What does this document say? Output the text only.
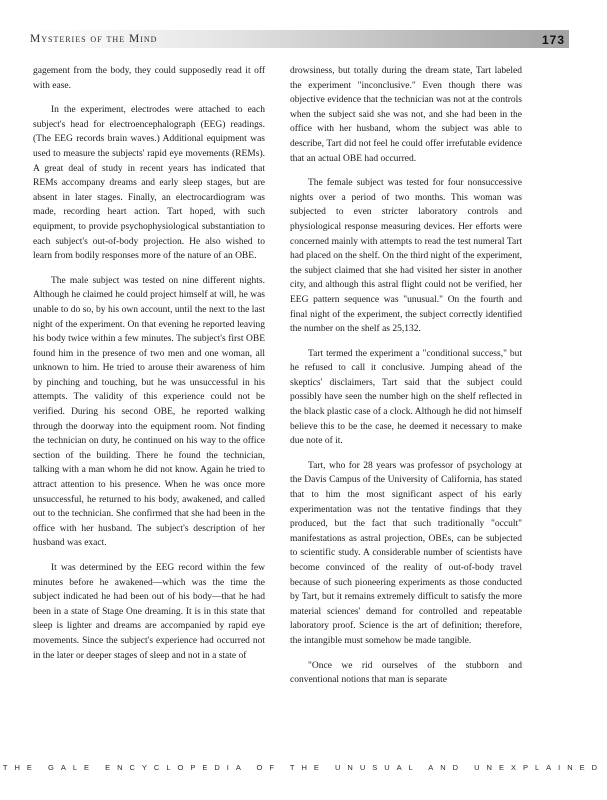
Mysteries of the Mind	173

gagement from the body, they could supposedly read it off with ease.

In the experiment, electrodes were attached to each subject's head for electroencephalograph (EEG) readings. (The EEG records brain waves.) Additional equipment was used to measure the subjects' rapid eye movements (REMs). A great deal of study in recent years has indicated that REMs accompany dreams and early sleep stages, but are absent in later stages. Finally, an electrocardiogram was made, recording heart action. Tart hoped, with such equipment, to provide psychophysiological substantiation to each subject's out-of-body projection. He also wished to learn from bodily responses more of the nature of an OBE.

The male subject was tested on nine different nights. Although he claimed he could project himself at will, he was unable to do so, by his own account, until the next to the last night of the experiment. On that evening he reported leaving his body twice within a few minutes. The subject's first OBE found him in the presence of two men and one woman, all unknown to him. He tried to arouse their awareness of him by pinching and touching, but he was unsuccessful in his attempts. The validity of this experience could not be verified. During his second OBE, he reported walking through the doorway into the equipment room. Not finding the technician on duty, he continued on his way to the office section of the building. There he found the technician, talking with a man whom he did not know. Again he tried to attract attention to his presence. When he was once more unsuccessful, he returned to his body, awakened, and called out to the technician. She confirmed that she had been in the office with her husband. The subject's description of her husband was exact.

It was determined by the EEG record within the few minutes before he awakened—which was the time the subject indicated he had been out of his body—that he had been in a state of Stage One dreaming. It is in this state that sleep is lighter and dreams are accompanied by rapid eye movements. Since the subject's experience had occurred not in the later or deeper stages of sleep and not in a state of

drowsiness, but totally during the dream state, Tart labeled the experiment "inconclusive." Even though there was objective evidence that the technician was not at the controls when the subject said she was not, and she had been in the office with her husband, whom the subject was able to describe, Tart did not feel he could offer irrefutable evidence that an actual OBE had occurred.

The female subject was tested for four nonsuccessive nights over a period of two months. This woman was subjected to even stricter laboratory controls and physiological response measuring devices. Her efforts were concerned mainly with attempts to read the test numeral Tart had placed on the shelf. On the third night of the experiment, the subject claimed that she had visited her sister in another city, and although this astral flight could not be verified, her EEG pattern sequence was "unusual." On the fourth and final night of the experiment, the subject correctly identified the number on the shelf as 25,132.

Tart termed the experiment a "conditional success," but he refused to call it conclusive. Jumping ahead of the skeptics' disclaimers, Tart said that the subject could possibly have seen the number high on the shelf reflected in the black plastic case of a clock. Although he did not himself believe this to be the case, he deemed it necessary to make due note of it.

Tart, who for 28 years was professor of psychology at the Davis Campus of the University of California, has stated that to him the most significant aspect of his early experimentation was not the tentative findings that they produced, but the fact that such traditionally "occult" manifestations as astral projection, OBEs, can be subjected to scientific study. A considerable number of scientists have become convinced of the reality of out-of-body travel because of such pioneering experiments as those conducted by Tart, but it remains extremely difficult to satisfy the more material sciences' demand for controlled and repeatable laboratory proof. Science is the art of definition; therefore, the intangible must somehow be made tangible.

"Once we rid ourselves of the stubborn and conventional notions that man is separate

THE GALE ENCYCLOPEDIA OF THE UNUSUAL AND UNEXPLAINED
